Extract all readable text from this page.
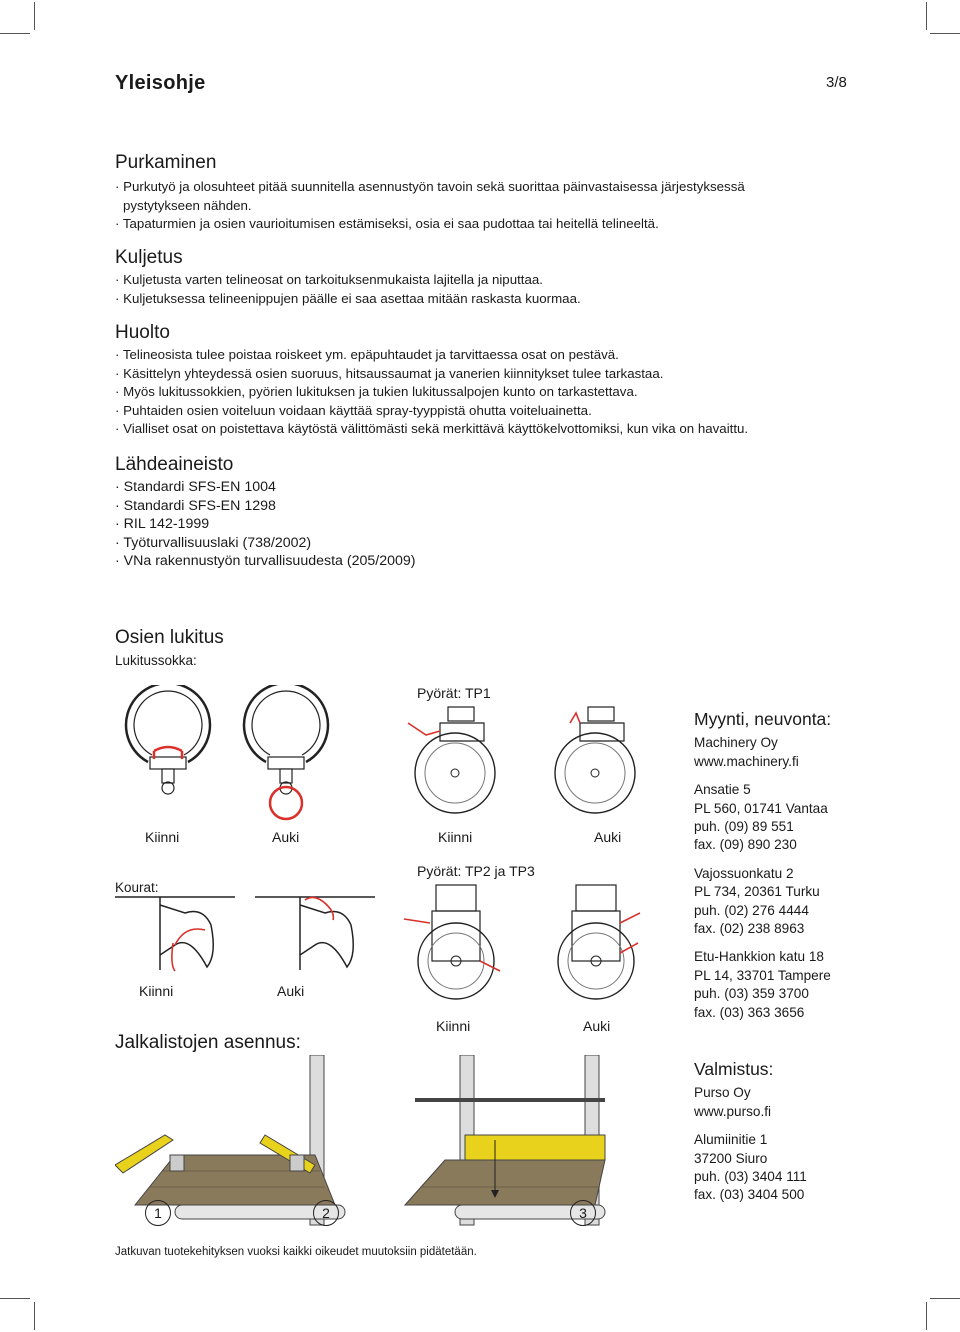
Yleisohje	3/8
Purkaminen
· Purkutyö ja olosuhteet pitää suunnitella asennustyön tavoin sekä suorittaa päinvastaisessa järjestyksessä
pystytykseen nähden.
· Tapaturmien ja osien vaurioitumisen estämiseksi, osia ei saa pudottaa tai heitellä telineeltä.
Kuljetus
· Kuljetusta varten telineosat on tarkoituksenmukaista lajitella ja niputtaa.
· Kuljetuksessa telineenippujen päälle ei saa asettaa mitään raskasta kuormaa.
Huolto
· Telineosista tulee poistaa roiskeet ym. epäpuhtaudet ja tarvittaessa osat on pestävä.
· Käsittelyn yhteydessä osien suoruus, hitsaussaumat ja vanerien kiinnitykset tulee tarkastaa.
· Myös lukitussokkien, pyörien lukituksen ja tukien lukitussalpojen kunto on tarkastettava.
· Puhtaiden osien voiteluun voidaan käyttää spray-tyyppistä ohutta voiteluainetta.
· Vialliset osat on poistettava käytöstä välittömästi sekä merkittävä käyttökelvottomiksi, kun vika on havaittu.
Lähdeaineisto
· Standardi SFS-EN 1004
· Standardi SFS-EN 1298
· RIL 142-1999
· Työturvallisuuslaki (738/2002)
· VNa rakennustyön turvallisuudesta (205/2009)
Osien lukitus
Lukitussokka:
Kiinni	Auki
Kourat:
Kiinni	Auki
Pyörät: TP1
Kiinni	Auki
Pyörät: TP2 ja TP3
Kiinni	Auki
Jalkalistojen asennus:
1	2	3
Myynti, neuvonta:
Machinery Oy
www.machinery.fi
Ansatie 5
PL 560, 01741 Vantaa
puh. (09) 89 551
fax. (09) 890 230
Vajossuonkatu 2
PL 734, 20361 Turku
puh. (02) 276 4444
fax. (02) 238 8963
Etu-Hankkion katu 18
PL 14, 33701 Tampere
puh. (03) 359 3700
fax. (03) 363 3656
Valmistus:
Purso Oy
www.purso.fi
Alumiinitie 1
37200 Siuro
puh. (03) 3404 111
fax. (03) 3404 500
Jatkuvan tuotekehityksen vuoksi kaikki oikeudet muutoksiin pidätetään.
